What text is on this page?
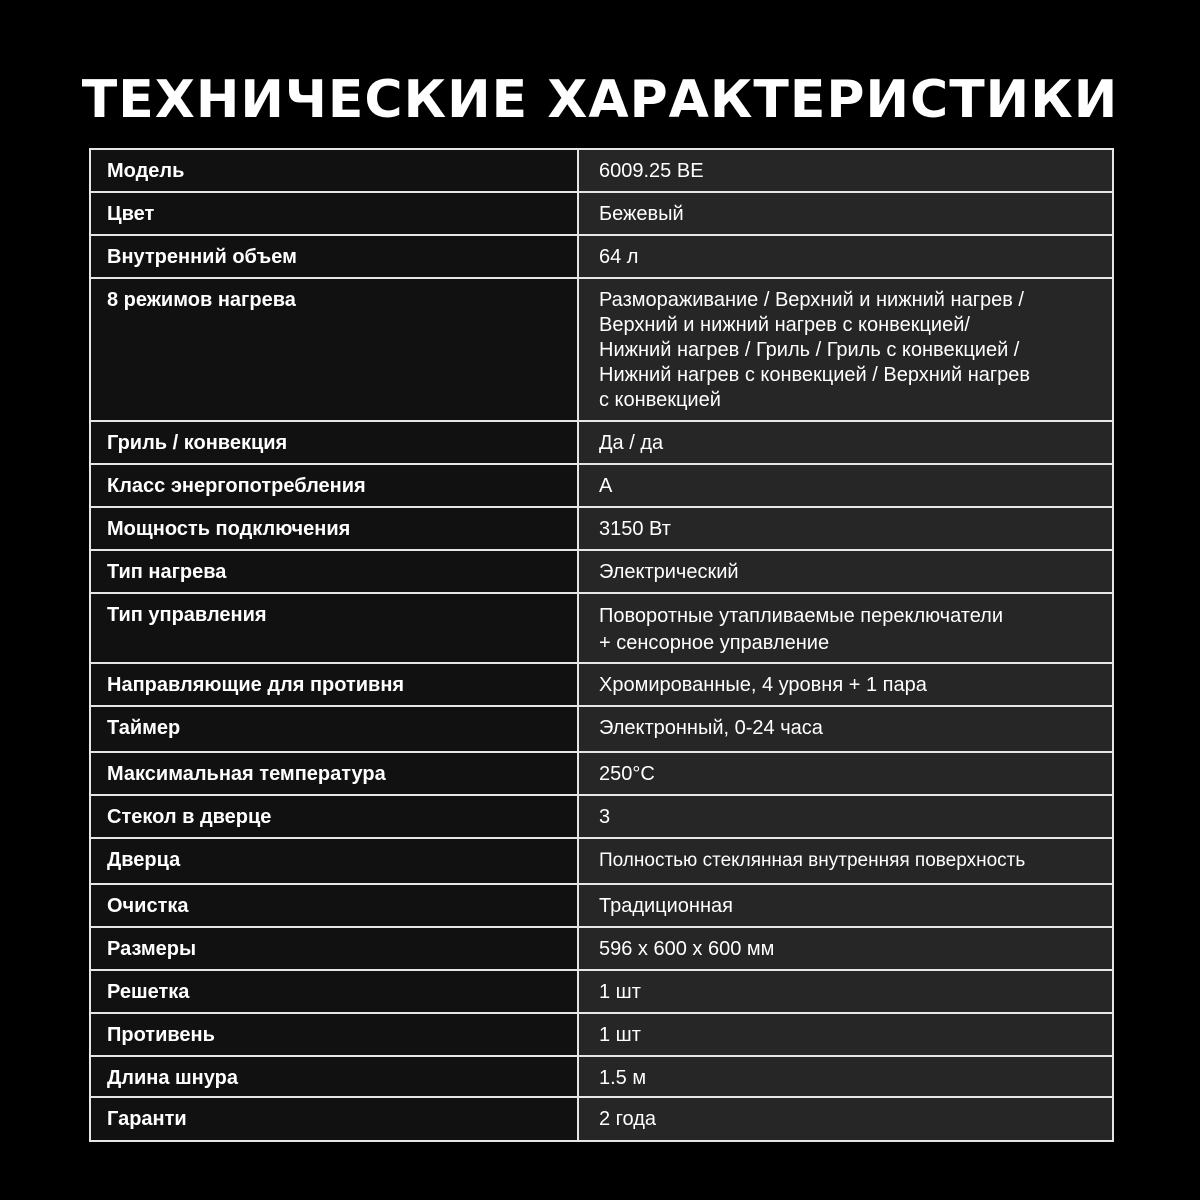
ТЕХНИЧЕСКИЕ ХАРАКТЕРИСТИКИ
Модель	6009.25 BE
Цвет	Бежевый
Внутренний объем	64 л
8 режимов нагрева	Размораживание / Верхний и нижний нагрев /
Верхний и нижний нагрев с конвекцией/
Нижний нагрев / Гриль / Гриль с конвекцией /
Нижний нагрев с конвекцией / Верхний нагрев
с конвекцией
Гриль / конвекция	Да / да
Класс энергопотребления	A
Мощность подключения	3150 Вт
Тип нагрева	Электрический
Тип управления	Поворотные утапливаемые переключатели
+ сенсорное управление
Направляющие для противня	Хромированные, 4 уровня + 1 пара
Таймер	Электронный, 0-24 часа
Максимальная температура	250°С
Стекол в дверце	3
Дверца	Полностью стеклянная внутренняя поверхность
Очистка	Традиционная
Размеры	596 х 600 х 600 мм
Решетка	1 шт
Противень	1 шт
Длина шнура	1.5 м
Гаранти	2 года
